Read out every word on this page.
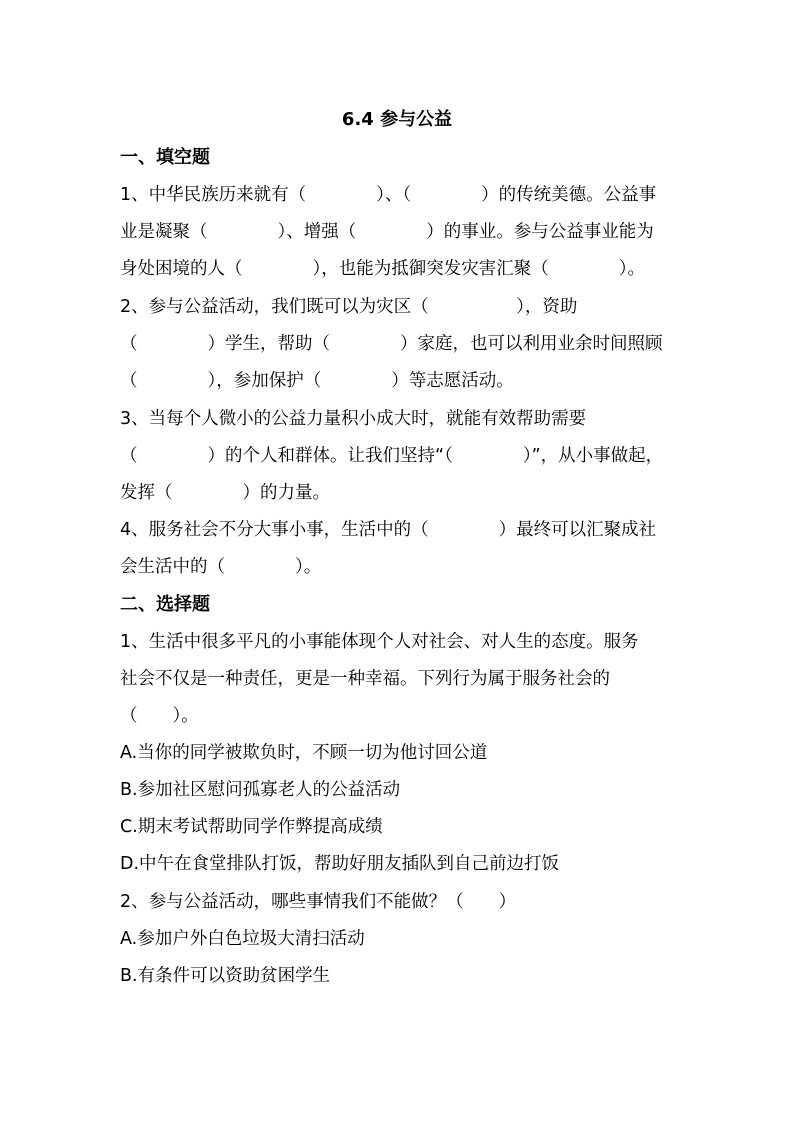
6.4 参与公益
一、填空题
1、中华民族历来就有（　　　　）、（　　　　）的传统美德。公益事
业是凝聚（　　　　）、增强（　　　　）的事业。参与公益事业能为
身处困境的人（　　　　），也能为抵御突发灾害汇聚（　　　　）。
2、参与公益活动，我们既可以为灾区（　　　　　），资助
（　　　　）学生，帮助（　　　　）家庭，也可以利用业余时间照顾
（　　　　），参加保护（　　　　）等志愿活动。
3、当每个人微小的公益力量积小成大时，就能有效帮助需要
（　　　　）的个人和群体。让我们坚持“（　　　　）”，从小事做起，
发挥（　　　　）的力量。
4、服务社会不分大事小事，生活中的（　　　　）最终可以汇聚成社
会生活中的（　　　　）。
二、选择题
1、生活中很多平凡的小事能体现个人对社会、对人生的态度。服务
社会不仅是一种责任，更是一种幸福。下列行为属于服务社会的
（　　）。
A.当你的同学被欺负时，不顾一切为他讨回公道
B.参加社区慰问孤寡老人的公益活动
C.期末考试帮助同学作弊提高成绩
D.中午在食堂排队打饭，帮助好朋友插队到自己前边打饭
2、参与公益活动，哪些事情我们不能做？（　　）
A.参加户外白色垃圾大清扫活动
B.有条件可以资助贫困学生
